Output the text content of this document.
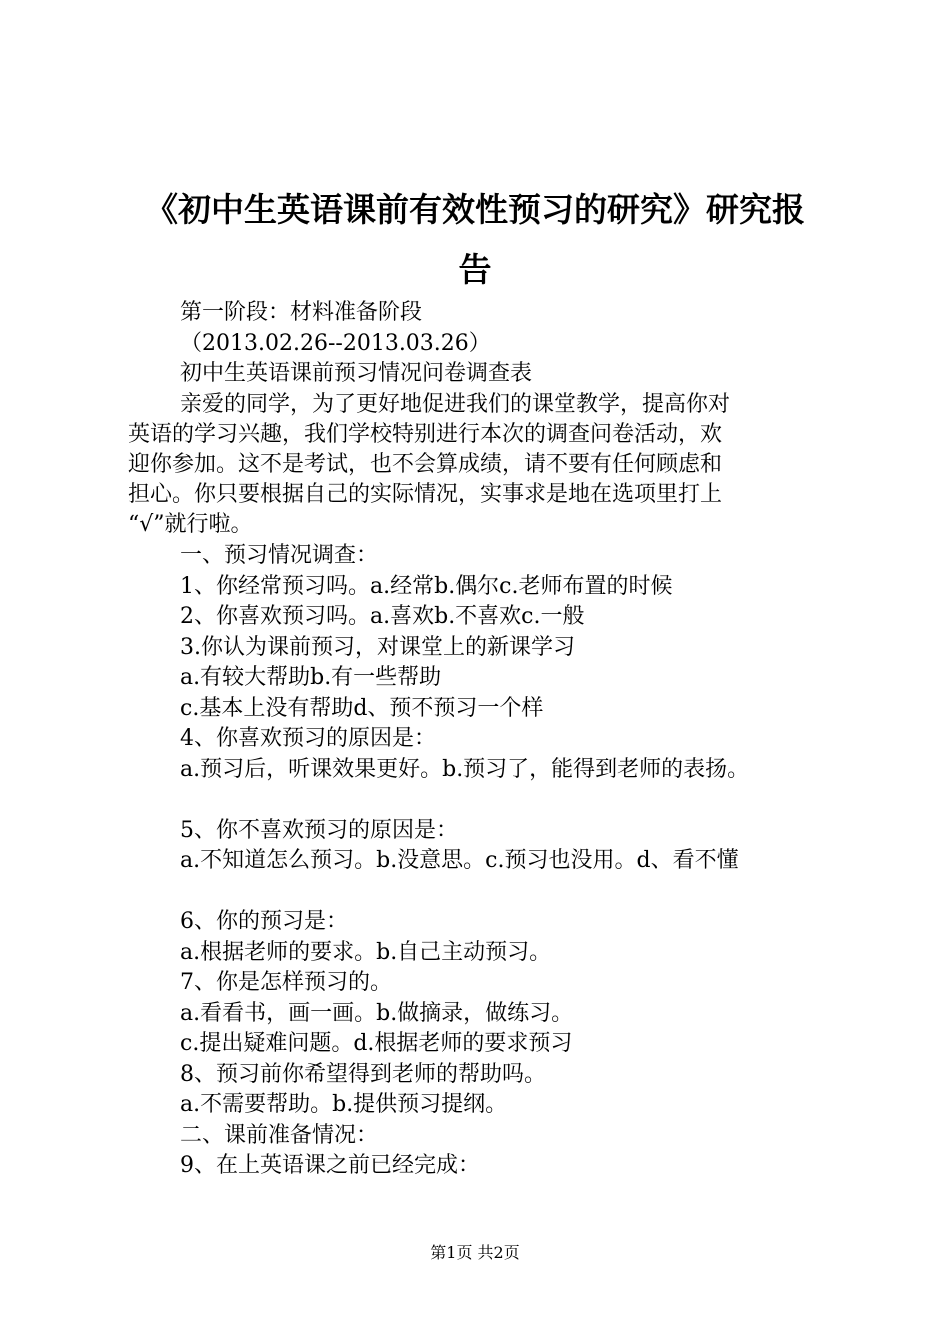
《初中生英语课前有效性预习的研究》研究报
告

第一阶段：材料准备阶段

（2013.02.26--2013.03.26）

初中生英语课前预习情况问卷调查表

亲爱的同学，为了更好地促进我们的课堂教学，提高你对

英语的学习兴趣，我们学校特别进行本次的调查问卷活动，欢

迎你参加。这不是考试，也不会算成绩，请不要有任何顾虑和

担心。你只要根据自己的实际情况，实事求是地在选项里打上

“√”就行啦。

一、预习情况调查：

1、你经常预习吗。a.经常b.偶尔c.老师布置的时候

2、你喜欢预习吗。a.喜欢b.不喜欢c.一般

3.你认为课前预习，对课堂上的新课学习

a.有较大帮助b.有一些帮助

c.基本上没有帮助d、预不预习一个样

4、你喜欢预习的原因是：

a.预习后，听课效果更好。b.预习了，能得到老师的表扬。

5、你不喜欢预习的原因是：

a.不知道怎么预习。b.没意思。c.预习也没用。d、看不懂

6、你的预习是：

a.根据老师的要求。b.自己主动预习。

7、你是怎样预习的。

a.看看书，画一画。b.做摘录，做练习。

c.提出疑难问题。d.根据老师的要求预习

8、预习前你希望得到老师的帮助吗。

a.不需要帮助。b.提供预习提纲。

二、课前准备情况：

9、在上英语课之前已经完成：

第1页 共2页
